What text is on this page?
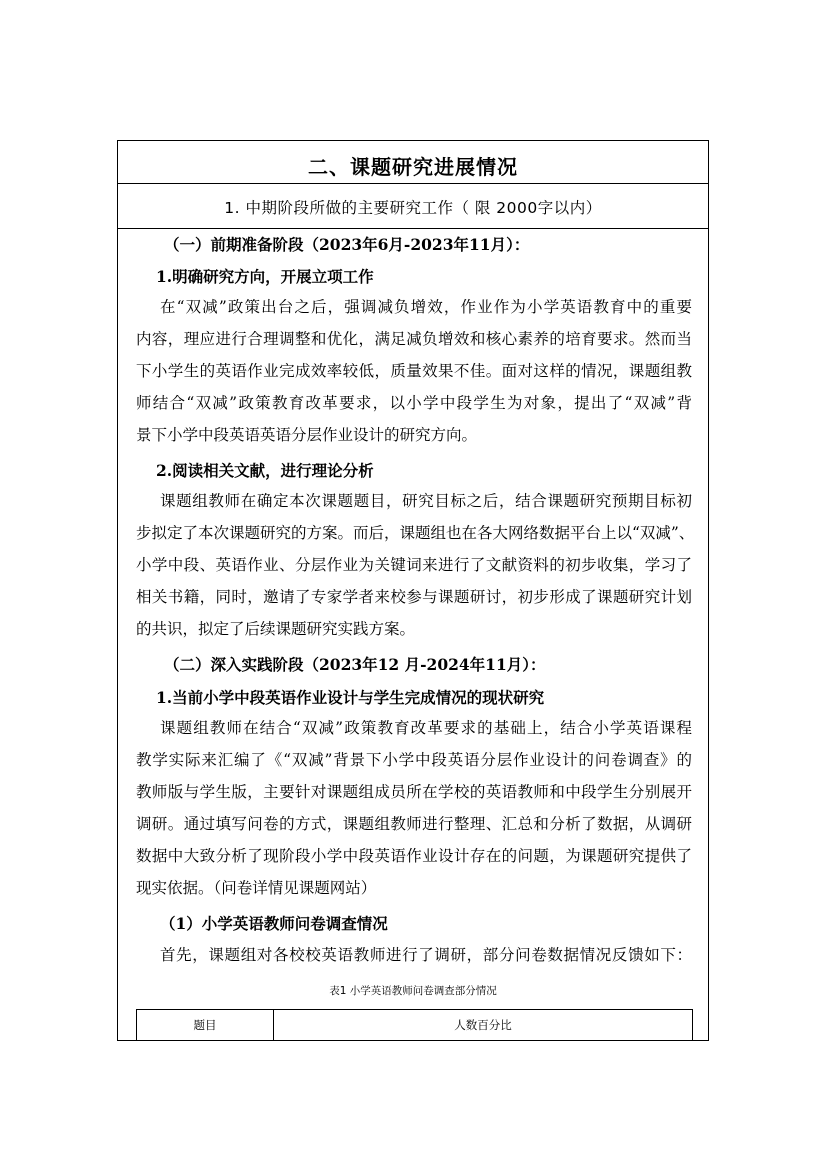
二、课题研究进展情况
1. 中期阶段所做的主要研究工作（ 限 2000字以内）
（一）前期准备阶段（2023年6月-2023年11月）：
1.明确研究方向，开展立项工作
在“双减”政策出台之后，强调减负增效，作业作为小学英语教育中的重要
内容，理应进行合理调整和优化，满足减负增效和核心素养的培育要求。然而当
下小学生的英语作业完成效率较低，质量效果不佳。面对这样的情况，课题组教
师结合“双减”政策教育改革要求，以小学中段学生为对象，提出了“双减”背
景下小学中段英语英语分层作业设计的研究方向。
2.阅读相关文献，进行理论分析
课题组教师在确定本次课题题目，研究目标之后，结合课题研究预期目标初
步拟定了本次课题研究的方案。而后，课题组也在各大网络数据平台上以“双减”、
小学中段、英语作业、分层作业为关键词来进行了文献资料的初步收集，学习了
相关书籍，同时，邀请了专家学者来校参与课题研讨，初步形成了课题研究计划
的共识，拟定了后续课题研究实践方案。
（二）深入实践阶段（2023年12 月-2024年11月）：
1.当前小学中段英语作业设计与学生完成情况的现状研究
课题组教师在结合“双减”政策教育改革要求的基础上，结合小学英语课程
教学实际来汇编了《“双减”背景下小学中段英语分层作业设计的问卷调查》的
教师版与学生版，主要针对课题组成员所在学校的英语教师和中段学生分别展开
调研。通过填写问卷的方式，课题组教师进行整理、汇总和分析了数据，从调研
数据中大致分析了现阶段小学中段英语作业设计存在的问题，为课题研究提供了
现实依据。（问卷详情见课题网站）
（1）小学英语教师问卷调查情况
首先，课题组对各校校英语教师进行了调研，部分问卷数据情况反馈如下：
表1 小学英语教师问卷调查部分情况
题目	人数百分比
